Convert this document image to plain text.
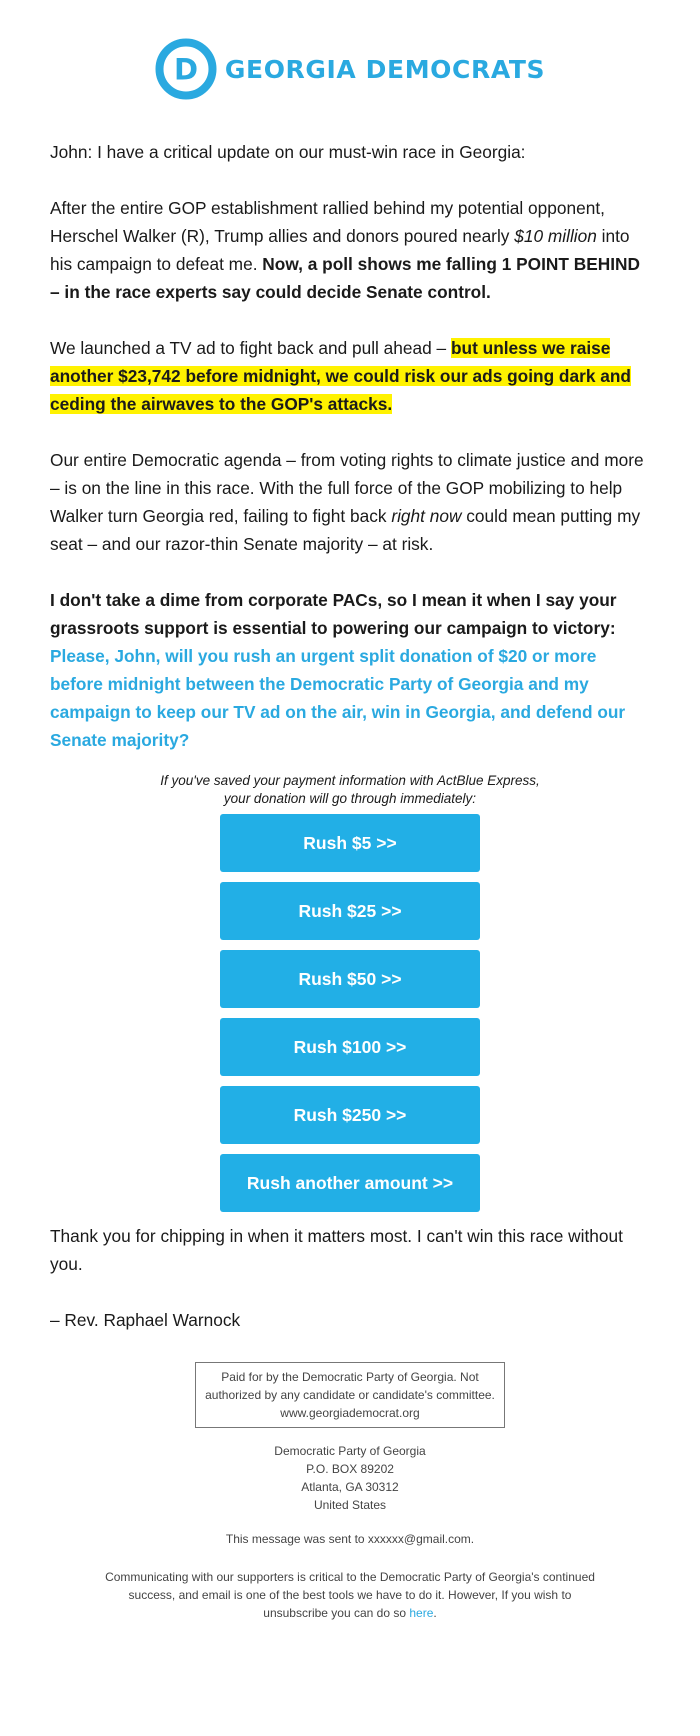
D GEORGIA DEMOCRATS

John: I have a critical update on our must-win race in Georgia:

After the entire GOP establishment rallied behind my potential opponent, Herschel Walker (R), Trump allies and donors poured nearly $10 million into his campaign to defeat me. Now, a poll shows me falling 1 POINT BEHIND – in the race experts say could decide Senate control.

We launched a TV ad to fight back and pull ahead – but unless we raise another $23,742 before midnight, we could risk our ads going dark and ceding the airwaves to the GOP's attacks.

Our entire Democratic agenda – from voting rights to climate justice and more – is on the line in this race. With the full force of the GOP mobilizing to help Walker turn Georgia red, failing to fight back right now could mean putting my seat – and our razor-thin Senate majority – at risk.

I don't take a dime from corporate PACs, so I mean it when I say your grassroots support is essential to powering our campaign to victory: Please, John, will you rush an urgent split donation of $20 or more before midnight between the Democratic Party of Georgia and my campaign to keep our TV ad on the air, win in Georgia, and defend our Senate majority?

If you've saved your payment information with ActBlue Express,
your donation will go through immediately:
Rush $5 >>
Rush $25 >>
Rush $50 >>
Rush $100 >>
Rush $250 >>
Rush another amount >>

Thank you for chipping in when it matters most. I can't win this race without you.

– Rev. Raphael Warnock

Paid for by the Democratic Party of Georgia. Not authorized by any candidate or candidate's committee.
www.georgiademocrat.org
Democratic Party of Georgia
P.O. BOX 89202
Atlanta, GA 30312
United States
This message was sent to xxxxxx@gmail.com.
Communicating with our supporters is critical to the Democratic Party of Georgia's continued success, and email is one of the best tools we have to do it. However, If you wish to unsubscribe you can do so here.
